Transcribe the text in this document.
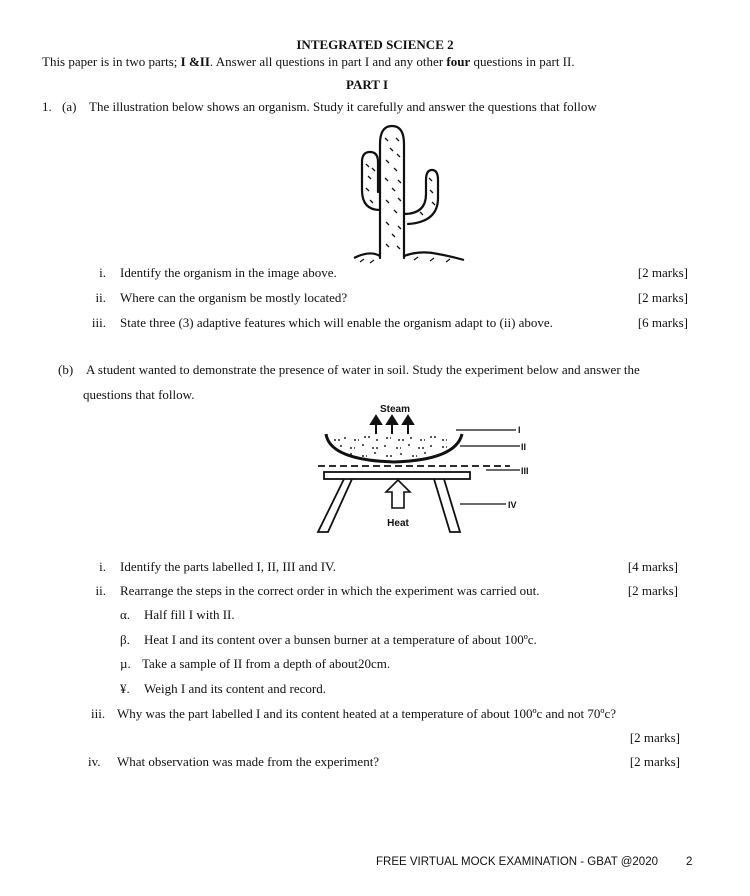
INTEGRATED SCIENCE 2
This paper is in two parts; I &II. Answer all questions in part I and any other four questions in part II.
PART I
1. (a) The illustration below shows an organism. Study it carefully and answer the questions that follow
i. Identify the organism in the image above.	[2 marks]
ii. Where can the organism be mostly located?	[2 marks]
iii. State three (3) adaptive features which will enable the organism adapt to (ii) above.	[6 marks]
(b) A student wanted to demonstrate the presence of water in soil. Study the experiment below and answer the
questions that follow.
Steam
Heat
I
II
III
IV
i. Identify the parts labelled I, II, III and IV.	[4 marks]
ii. Rearrange the steps in the correct order in which the experiment was carried out.	[2 marks]
α. Half fill I with II.
β. Heat I and its content over a bunsen burner at a temperature of about 100ºc.
µ. Take a sample of II from a depth of about20cm.
¥. Weigh I and its content and record.
iii. Why was the part labelled I and its content heated at a temperature of about 100ºc and not 70ºc?
[2 marks]
iv. What observation was made from the experiment?	[2 marks]
FREE VIRTUAL MOCK EXAMINATION - GBAT @2020 2
